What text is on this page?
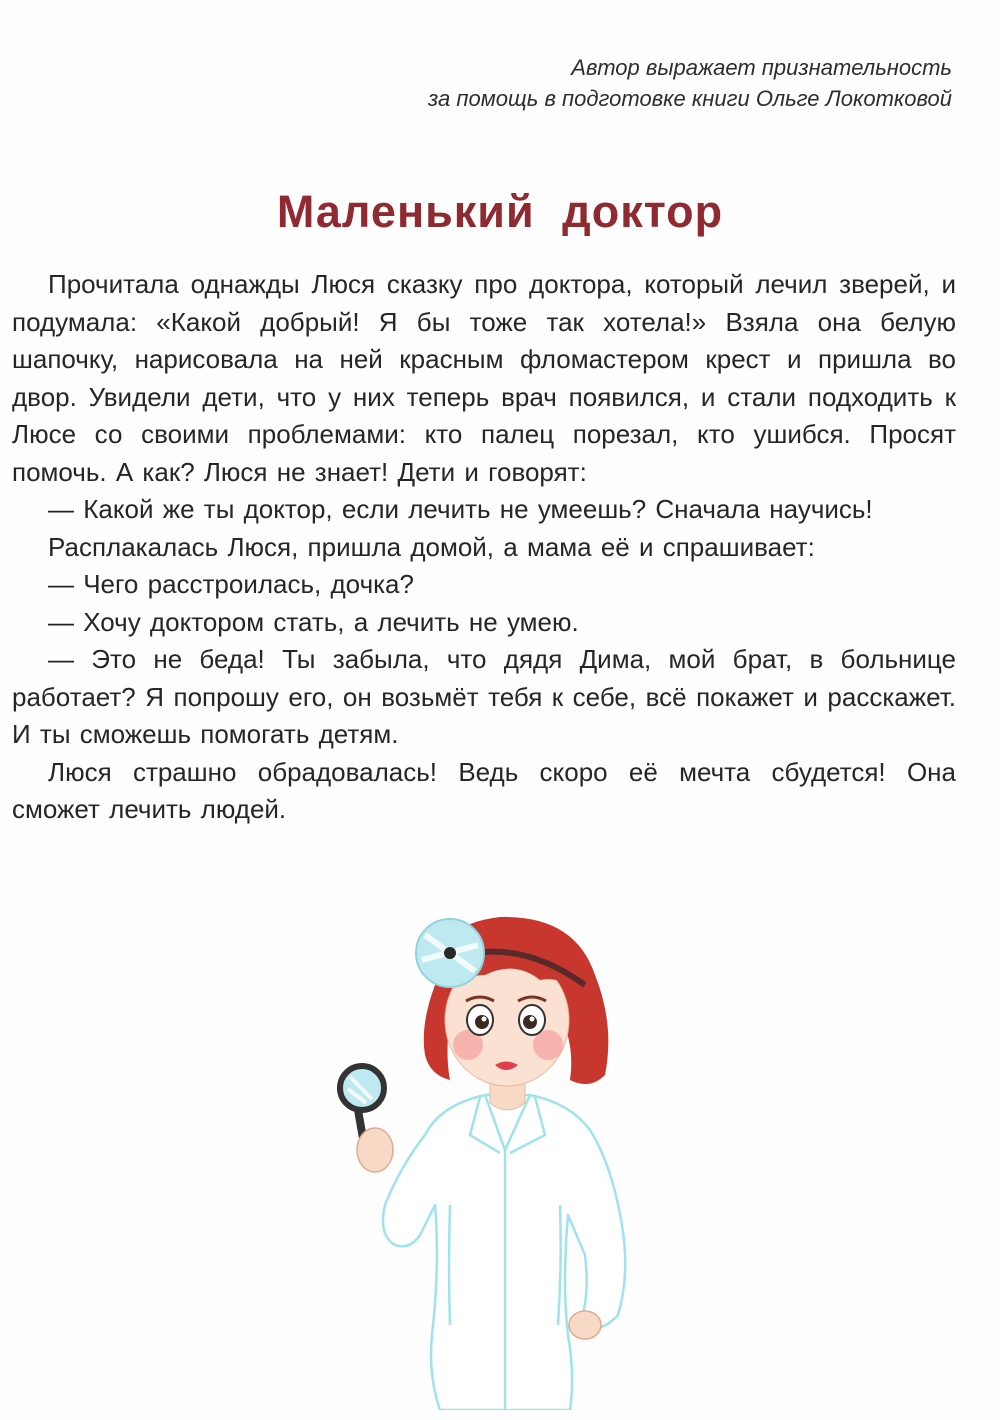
Автор выражает признательность
за помощь в подготовке книги Ольге Локотковой
Маленький доктор

Прочитала однажды Люся сказку про доктора, который лечил зверей, и подумала: «Какой добрый! Я бы тоже так хотела!» Взяла она белую шапочку, нарисовала на ней красным фломастером крест и пришла во двор. Увидели дети, что у них теперь врач появился, и стали подходить к Люсе со своими проблемами: кто палец порезал, кто ушибся. Просят помочь. А как? Люся не знает! Дети и говорят:

— Какой же ты доктор, если лечить не умеешь? Сначала научись!

Расплакалась Люся, пришла домой, а мама её и спрашивает:

— Чего расстроилась, дочка?

— Хочу доктором стать, а лечить не умею.

— Это не беда! Ты забыла, что дядя Дима, мой брат, в больнице работает? Я попрошу его, он возьмёт тебя к себе, всё покажет и расскажет. И ты сможешь помогать детям.

Люся страшно обрадовалась! Ведь скоро её мечта сбудется! Она сможет лечить людей.
